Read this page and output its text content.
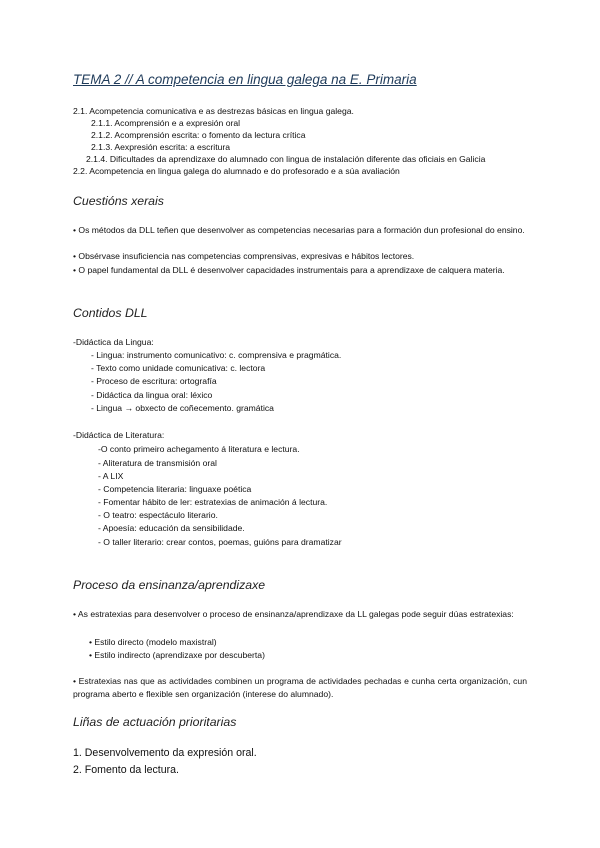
TEMA 2 // A competencia en lingua galega na E. Primaria
2.1. Acompetencia comunicativa e as destrezas básicas en lingua galega.
2.1.1. Acomprensión e a expresión oral
2.1.2. Acomprensión escrita: o fomento da lectura crítica
2.1.3. Aexpresión escrita: a escritura
2.1.4. Dificultades da aprendizaxe do alumnado con lingua de instalación diferente das oficiais en Galicia
2.2. Acompetencia en lingua galega do alumnado e do profesorado e a súa avaliación
Cuestións xerais

• Os métodos da DLL teñen que desenvolver as competencias necesarias para a formación dun profesional do ensino.

• Obsérvase insuficiencia nas competencias comprensivas, expresivas e hábitos lectores.

• O papel fundamental da DLL é desenvolver capacidades instrumentais para a aprendizaxe de calquera materia.

Contidos DLL
-Didáctica da Lingua:
- Lingua: instrumento comunicativo: c. comprensiva e pragmática.
- Texto como unidade comunicativa: c. lectora
- Proceso de escritura: ortografía
- Didáctica da lingua oral: léxico
- Lingua → obxecto de coñecemento. gramática
-Didáctica de Literatura:
-O conto primeiro achegamento á literatura e lectura.
- Aliteratura de transmisión oral
- A LIX
- Competencia literaria: linguaxe poética
- Fomentar hábito de ler: estratexias de animación á lectura.
- O teatro: espectáculo literario.
- Apoesía: educación da sensibilidade.
- O taller literario: crear contos, poemas, guións para dramatizar
Proceso da ensinanza/aprendizaxe

• As estratexias para desenvolver o proceso de ensinanza/aprendizaxe da LL galegas pode seguir dúas estratexias:

• Estilo directo (modelo maxistral)
• Estilo indirecto (aprendizaxe por descuberta)

• Estratexias nas que as actividades combinen un programa de actividades pechadas e cunha certa organización, cun programa aberto e flexible sen organización (interese do alumnado).

Liñas de actuación prioritarias
1. Desenvolvemento da expresión oral.
2. Fomento da lectura.
